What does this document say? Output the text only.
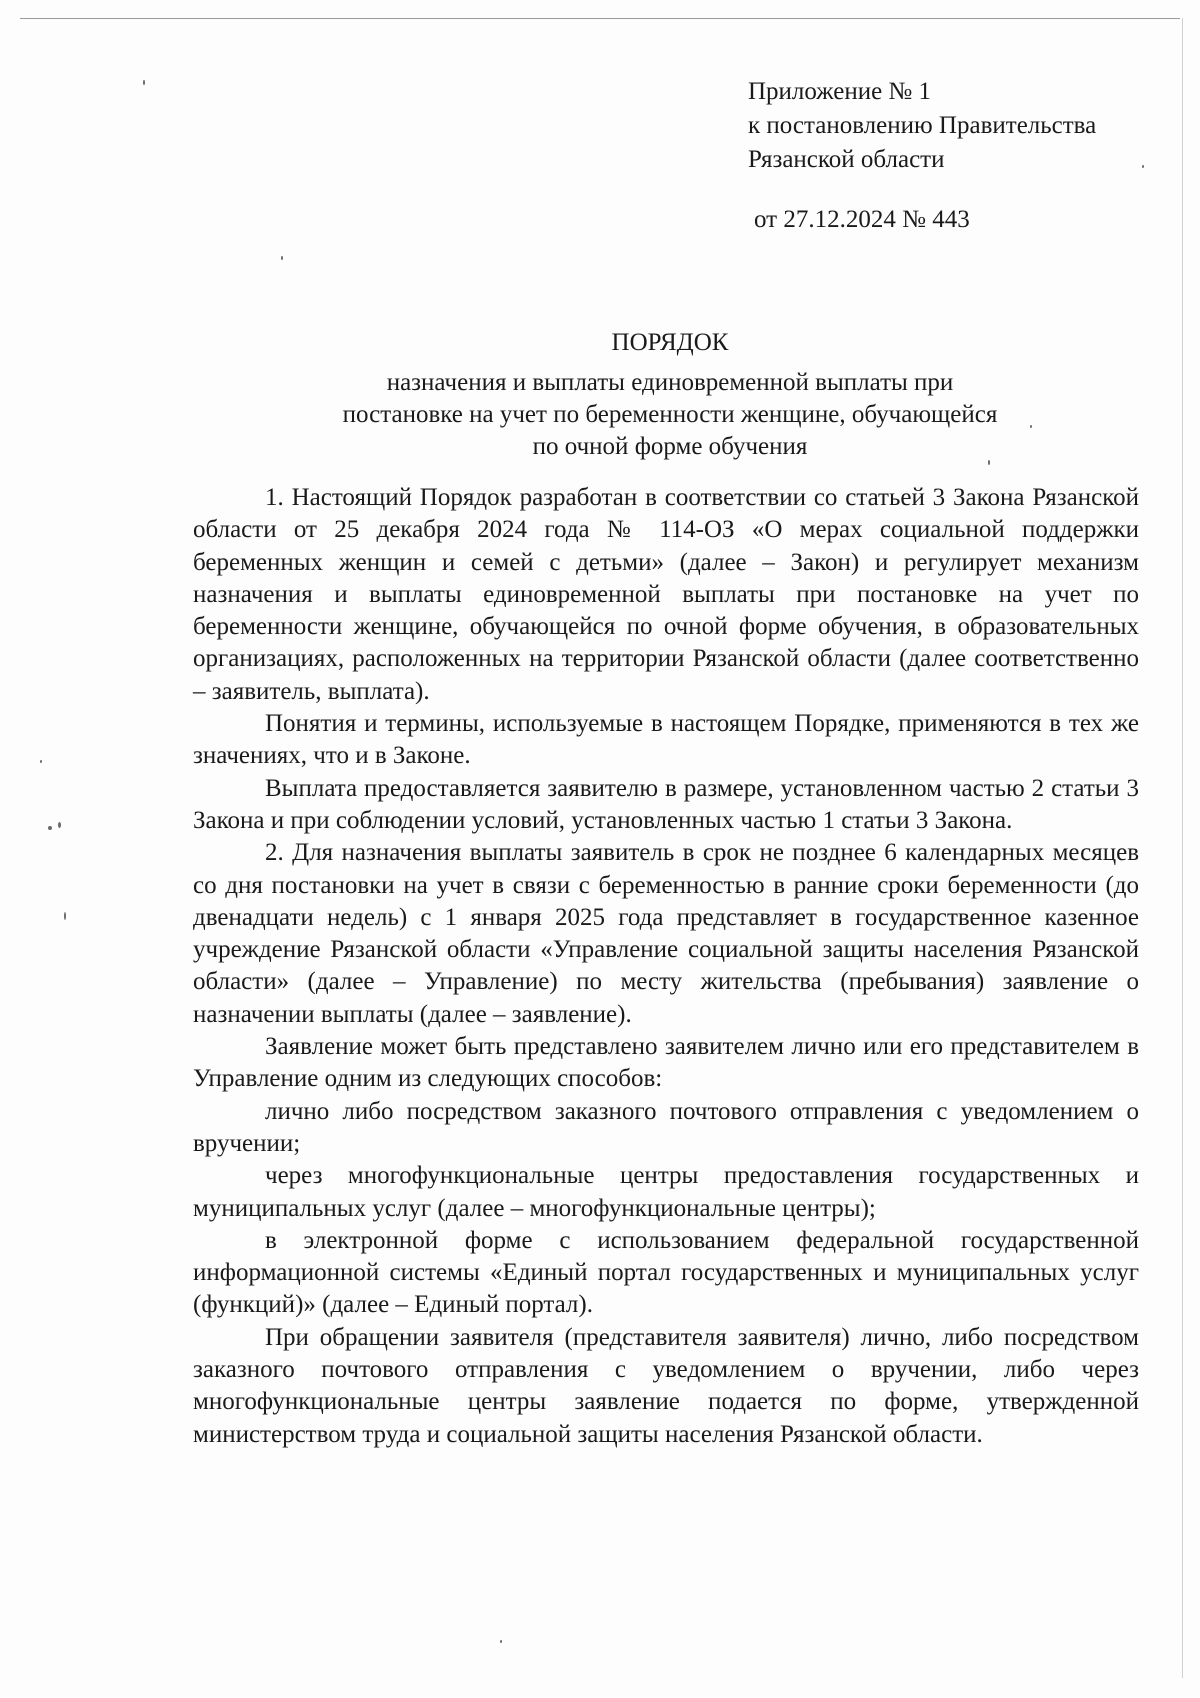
Приложение № 1
к постановлению Правительства
Рязанской области
от 27.12.2024 № 443
ПОРЯДОК
назначения и выплаты единовременной выплаты при
постановке на учет по беременности женщине, обучающейся
по очной форме обучения

1. Настоящий Порядок разработан в соответствии со статьей 3 Закона Рязанской области от 25 декабря 2024 года № 114-ОЗ «О мерах социальной поддержки беременных женщин и семей с детьми» (далее – Закон) и регулирует механизм назначения и выплаты единовременной выплаты при постановке на учет по беременности женщине, обучающейся по очной форме обучения, в образовательных организациях, расположенных на территории Рязанской области (далее соответственно – заявитель, выплата).

Понятия и термины, используемые в настоящем Порядке, применяются в тех же значениях, что и в Законе.

Выплата предоставляется заявителю в размере, установленном частью 2 статьи 3 Закона и при соблюдении условий, установленных частью 1 статьи 3 Закона.

2. Для назначения выплаты заявитель в срок не позднее 6 календарных месяцев со дня постановки на учет в связи с беременностью в ранние сроки беременности (до двенадцати недель) с 1 января 2025 года представляет в государственное казенное учреждение Рязанской области «Управление социальной защиты населения Рязанской области» (далее – Управление) по месту жительства (пребывания) заявление о назначении выплаты (далее – заявление).

Заявление может быть представлено заявителем лично или его представителем в Управление одним из следующих способов:

лично либо посредством заказного почтового отправления с уведомлением о вручении;

через многофункциональные центры предоставления государственных и муниципальных услуг (далее – многофункциональные центры);

в электронной форме с использованием федеральной государственной информационной системы «Единый портал государственных и муниципальных услуг (функций)» (далее – Единый портал).

При обращении заявителя (представителя заявителя) лично, либо посредством заказного почтового отправления с уведомлением о вручении, либо через многофункциональные центры заявление подается по форме, утвержденной министерством труда и социальной защиты населения Рязанской области.
